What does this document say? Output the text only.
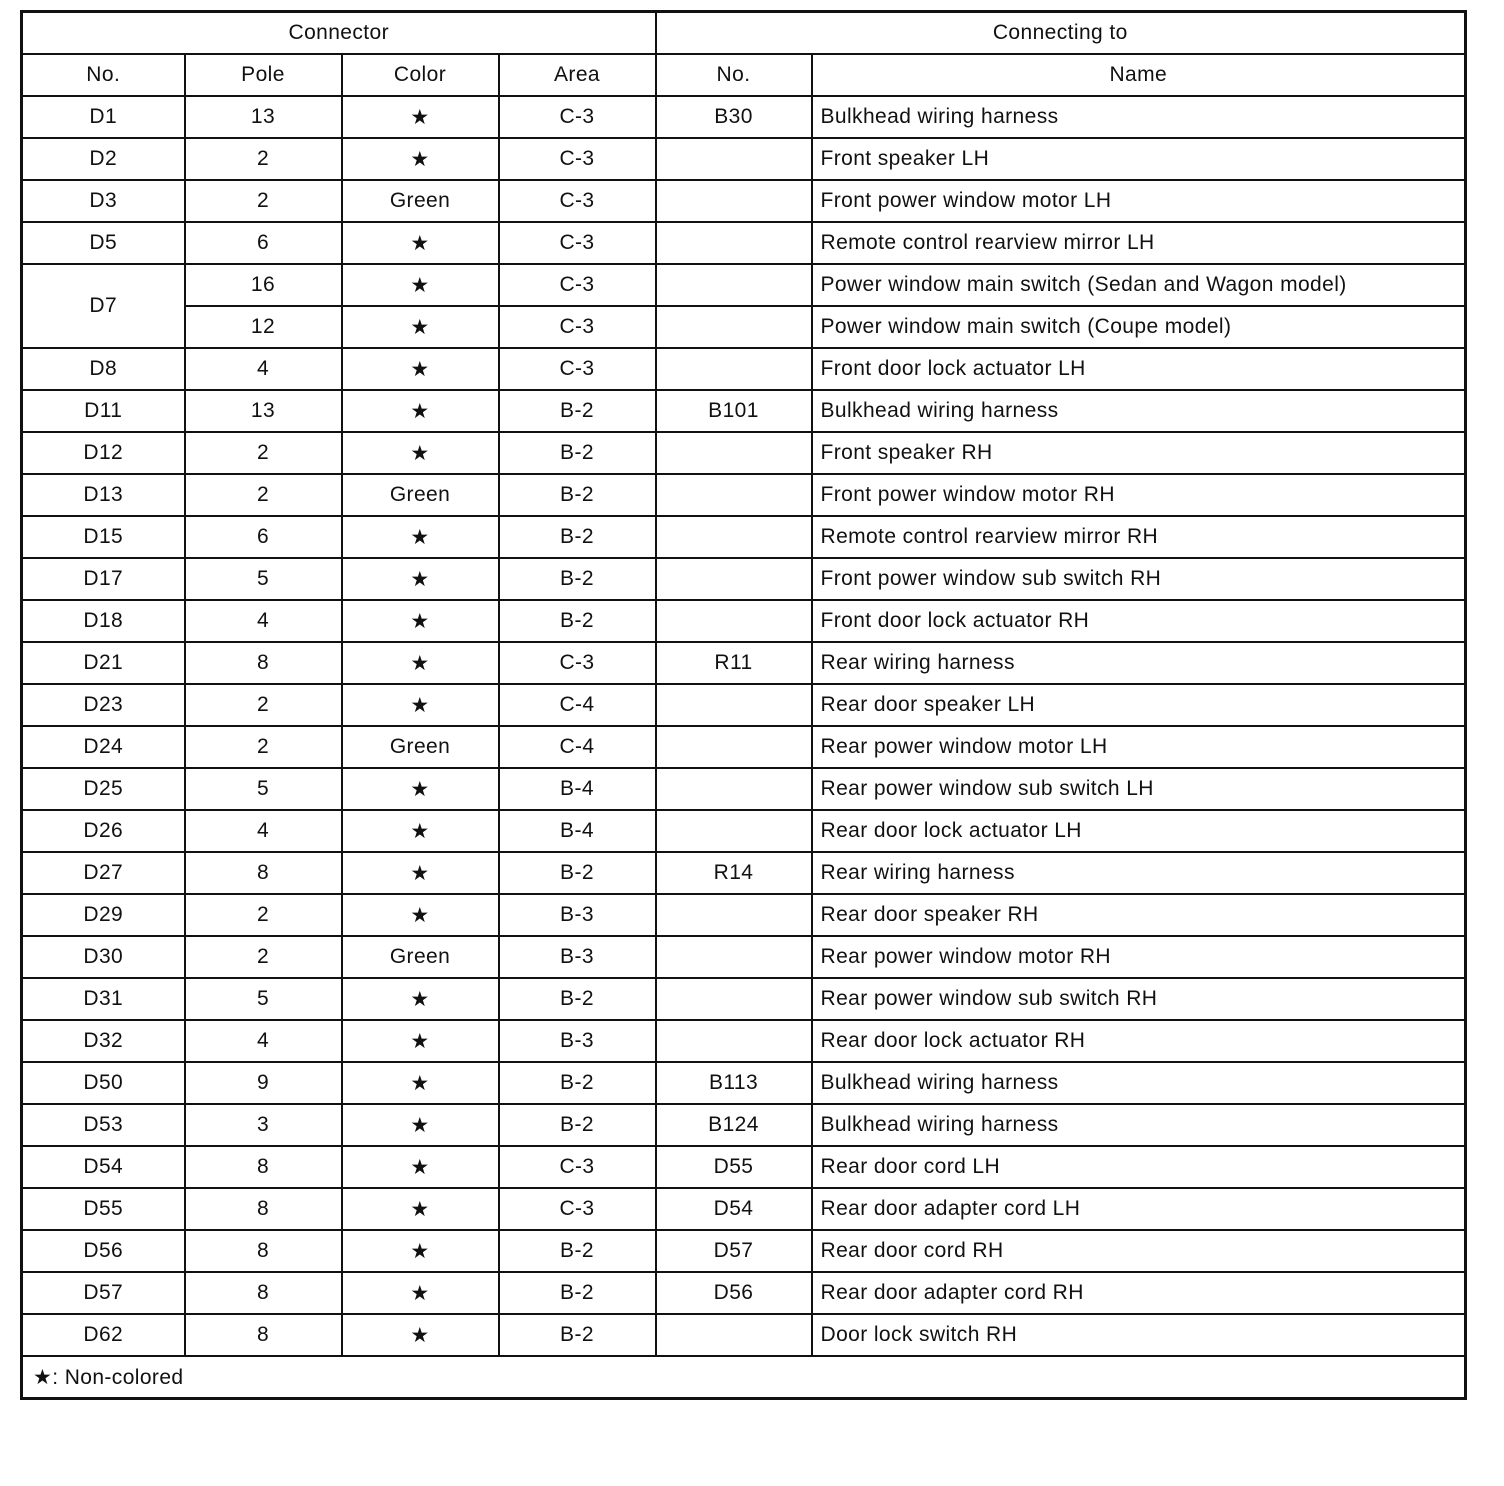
Connector				Connecting to	
No.	Pole	Color	Area	No.	Name
D1	13	★	C-3	B30	Bulkhead wiring harness
D2	2	★	C-3		Front speaker LH
D3	2	Green	C-3		Front power window motor LH
D5	6	★	C-3		Remote control rearview mirror LH
D7	16	★	C-3		Power window main switch (Sedan and Wagon model)
	12	★	C-3		Power window main switch (Coupe model)
D8	4	★	C-3		Front door lock actuator LH
D11	13	★	B-2	B101	Bulkhead wiring harness
D12	2	★	B-2		Front speaker RH
D13	2	Green	B-2		Front power window motor RH
D15	6	★	B-2		Remote control rearview mirror RH
D17	5	★	B-2		Front power window sub switch RH
D18	4	★	B-2		Front door lock actuator RH
D21	8	★	C-3	R11	Rear wiring harness
D23	2	★	C-4		Rear door speaker LH
D24	2	Green	C-4		Rear power window motor LH
D25	5	★	B-4		Rear power window sub switch LH
D26	4	★	B-4		Rear door lock actuator LH
D27	8	★	B-2	R14	Rear wiring harness
D29	2	★	B-3		Rear door speaker RH
D30	2	Green	B-3		Rear power window motor RH
D31	5	★	B-2		Rear power window sub switch RH
D32	4	★	B-3		Rear door lock actuator RH
D50	9	★	B-2	B113	Bulkhead wiring harness
D53	3	★	B-2	B124	Bulkhead wiring harness
D54	8	★	C-3	D55	Rear door cord LH
D55	8	★	C-3	D54	Rear door adapter cord LH
D56	8	★	B-2	D57	Rear door cord RH
D57	8	★	B-2	D56	Rear door adapter cord RH
D62	8	★	B-2		Door lock switch RH
★: Non-colored					
